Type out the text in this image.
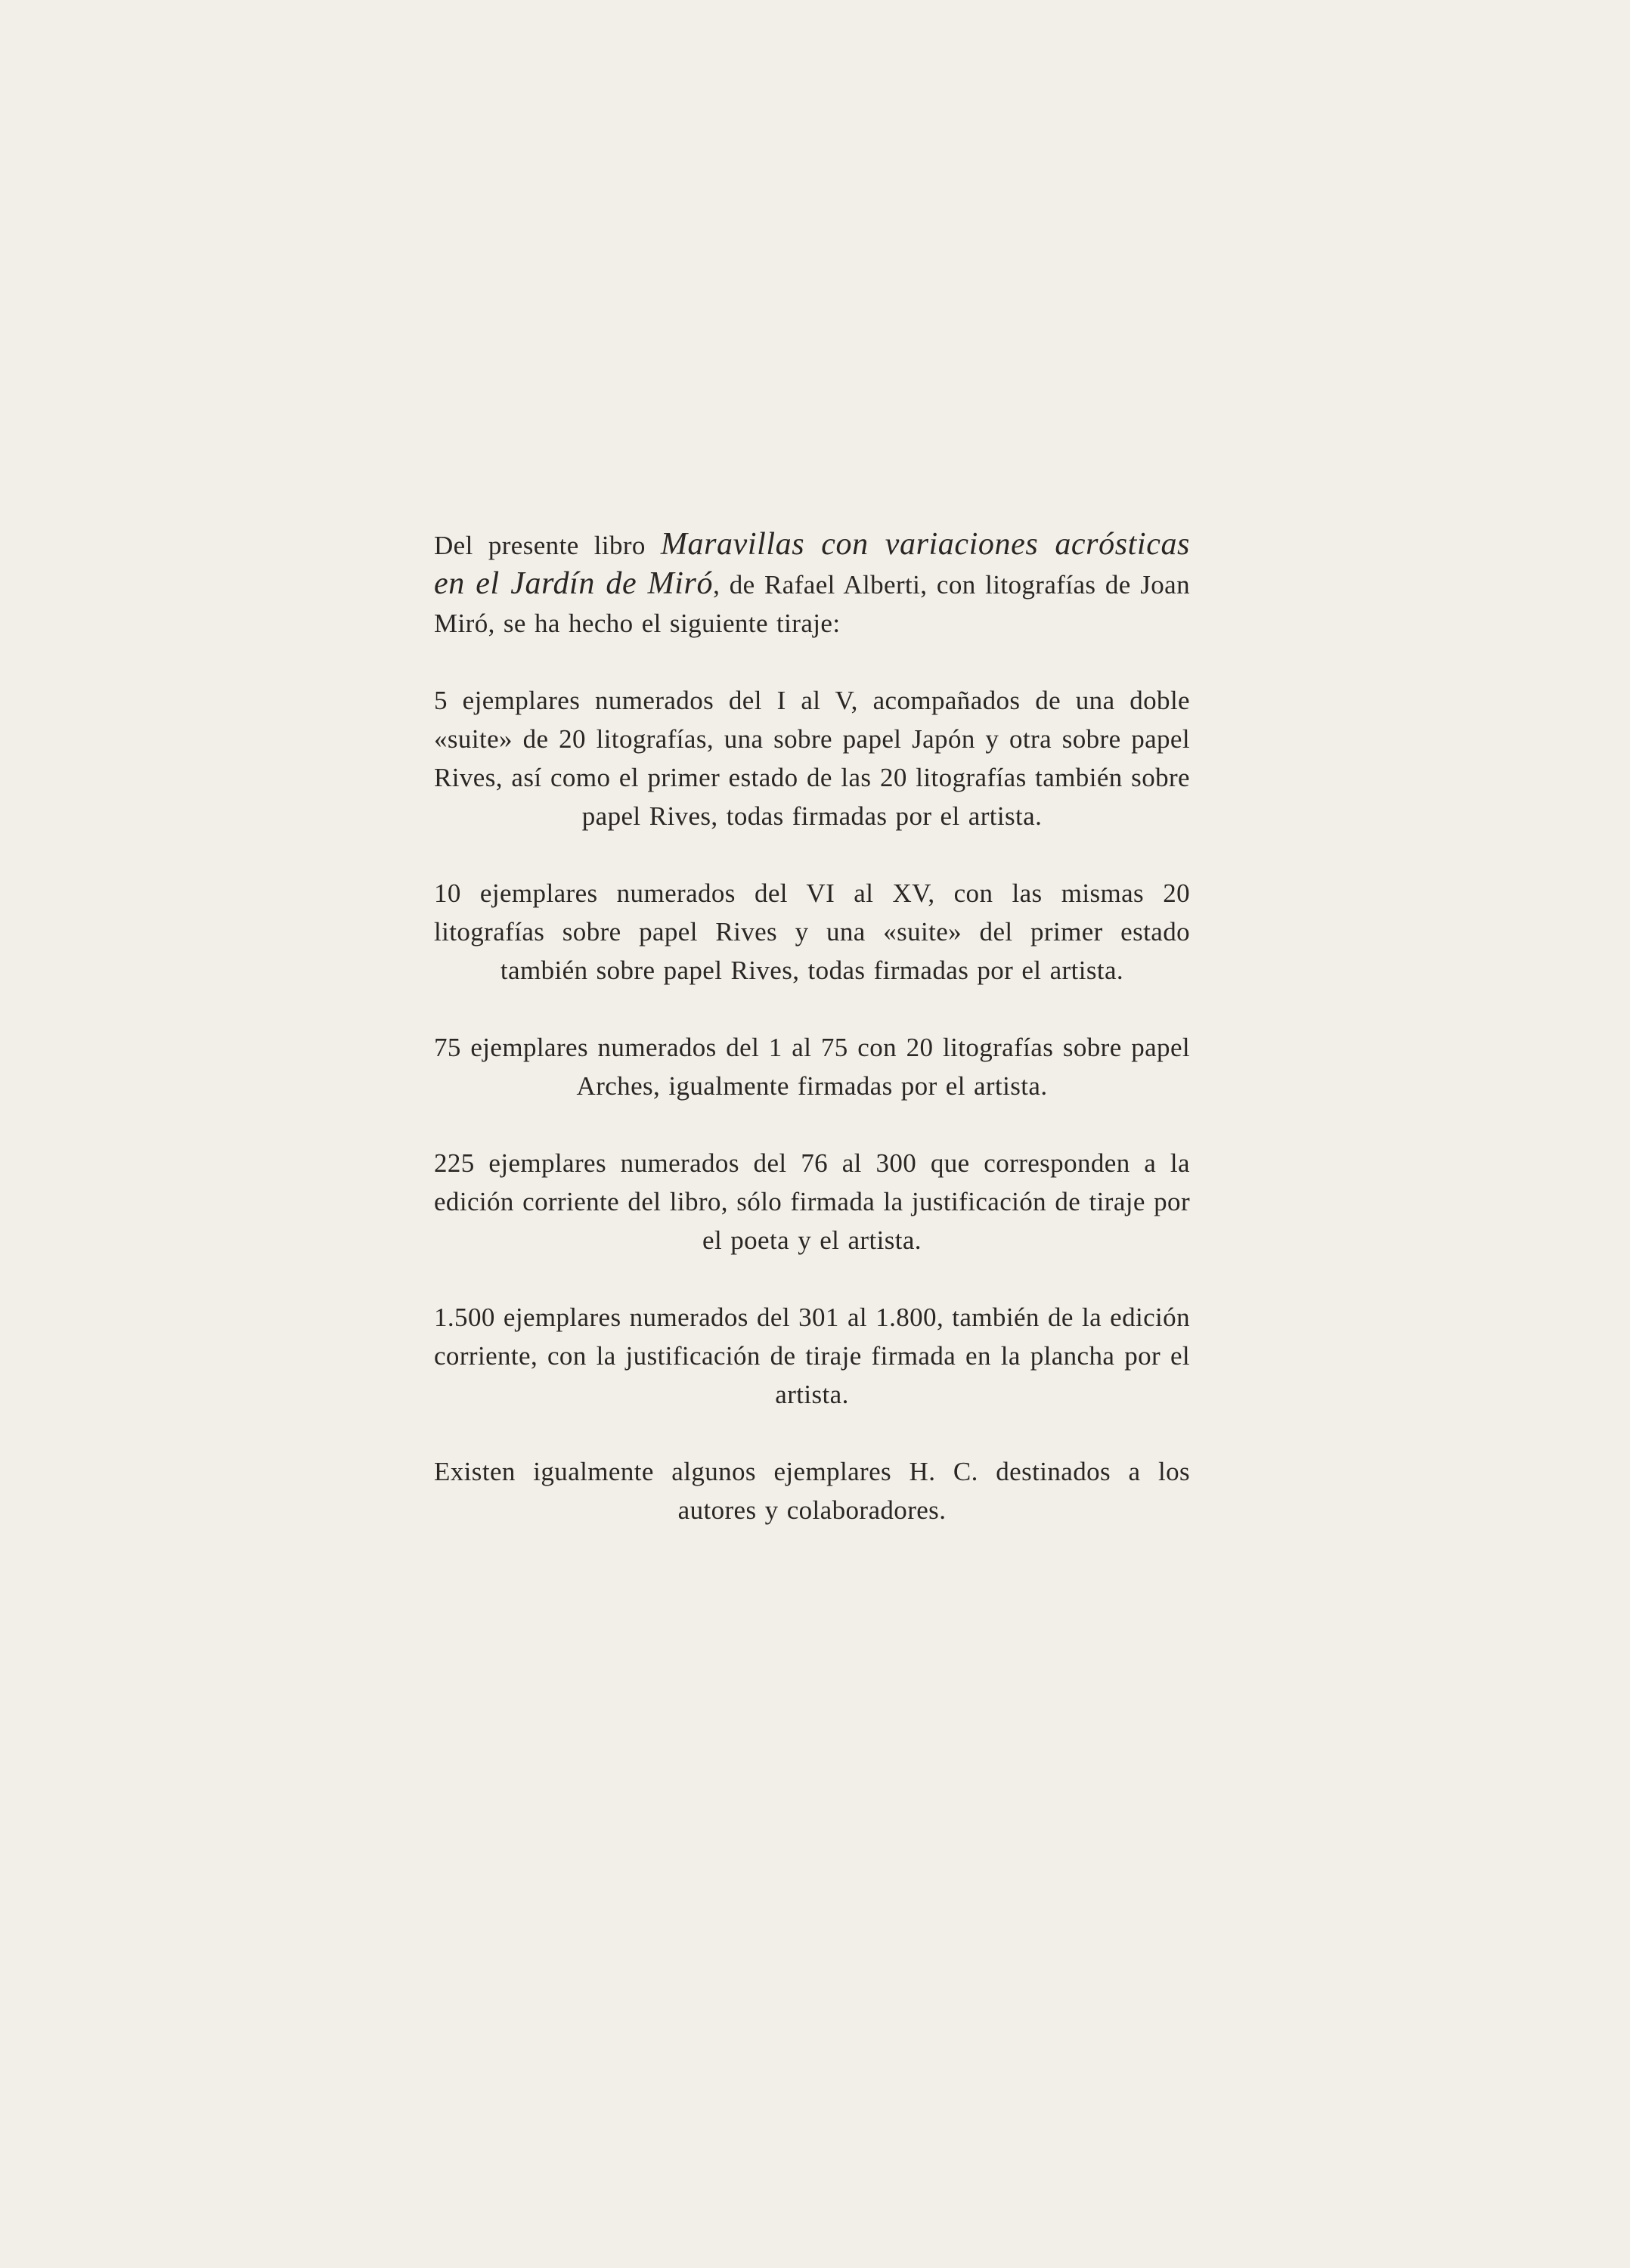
Del presente libro Maravillas con variaciones acrósticas en el Jardín de Miró, de Rafael Alberti, con litografías de Joan Miró, se ha hecho el siguiente tiraje:

5 ejemplares numerados del I al V, acompañados de una doble «suite» de 20 litografías, una sobre papel Japón y otra sobre papel Rives, así como el primer estado de las 20 litografías también sobre papel Rives, todas firmadas por el artista.

10 ejemplares numerados del VI al XV, con las mismas 20 litografías sobre papel Rives y una «suite» del primer estado también sobre papel Rives, todas firmadas por el artista.

75 ejemplares numerados del 1 al 75 con 20 litografías sobre papel Arches, igualmente firmadas por el artista.

225 ejemplares numerados del 76 al 300 que corresponden a la edición corriente del libro, sólo firmada la justificación de tiraje por el poeta y el artista.

1.500 ejemplares numerados del 301 al 1.800, también de la edición corriente, con la justificación de tiraje firmada en la plancha por el artista.

Existen igualmente algunos ejemplares H. C. destinados a los autores y colaboradores.
